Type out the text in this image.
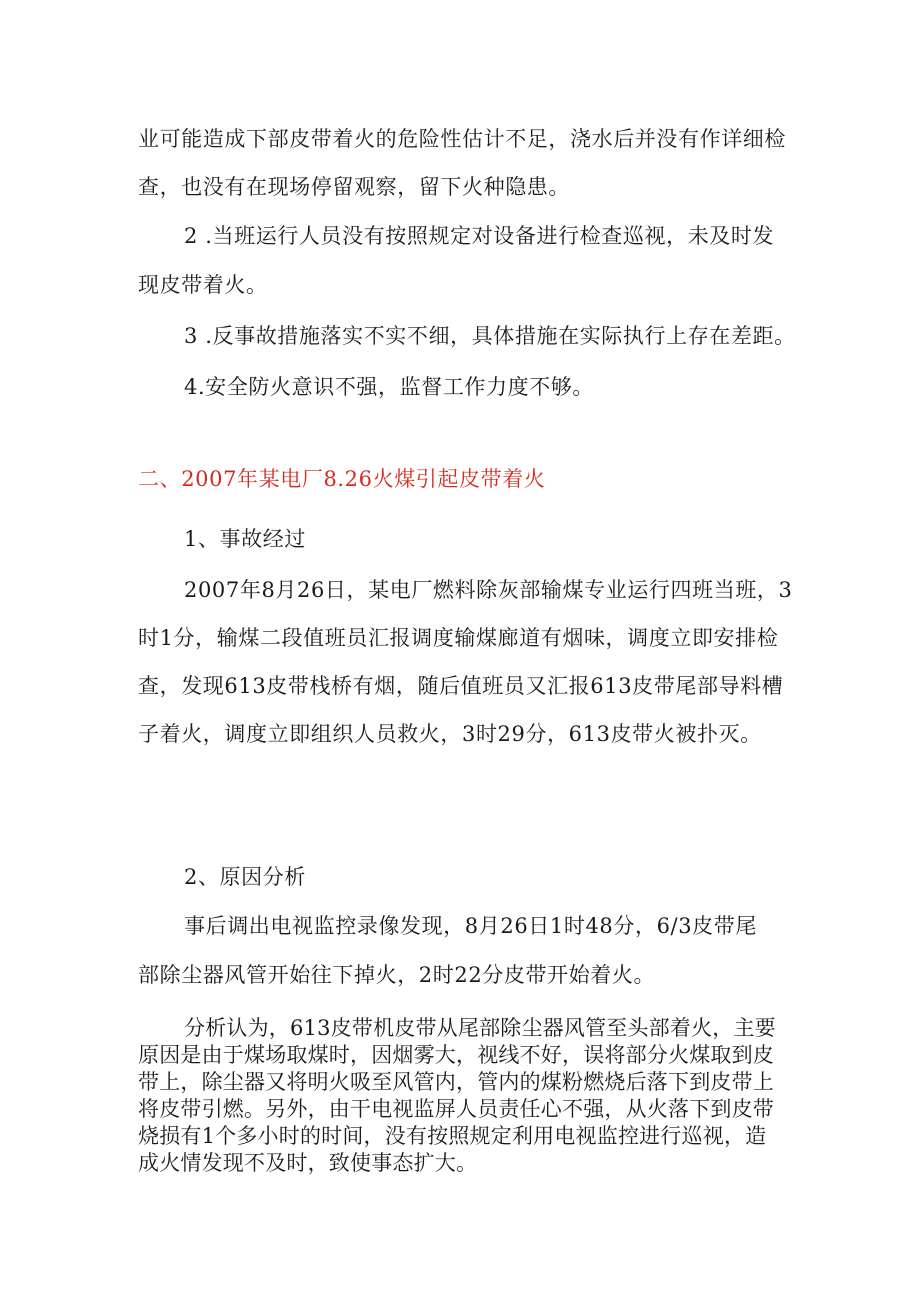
业可能造成下部皮带着火的危险性估计不足，浇水后并没有作详细检
查，也没有在现场停留观察，留下火种隐患。
2 .当班运行人员没有按照规定对设备进行检查巡视，未及时发
现皮带着火。
3 .反事故措施落实不实不细，具体措施在实际执行上存在差距。
4.安全防火意识不强，监督工作力度不够。
二、2007年某电厂8.26火煤引起皮带着火
1、事故经过
2007年8月26日，某电厂燃料除灰部输煤专业运行四班当班，3
时1分，输煤二段值班员汇报调度输煤廊道有烟味，调度立即安排检
查，发现613皮带栈桥有烟，随后值班员又汇报613皮带尾部导料槽
子着火，调度立即组织人员救火，3时29分，613皮带火被扑灭。
2、原因分析
事后调出电视监控录像发现，8月26日1时48分，6/3皮带尾
部除尘器风管开始往下掉火，2时22分皮带开始着火。
分析认为，613皮带机皮带从尾部除尘器风管至头部着火，主要
原因是由于煤场取煤时，因烟雾大，视线不好，误将部分火煤取到皮
带上，除尘器又将明火吸至风管内，管内的煤粉燃烧后落下到皮带上
将皮带引燃。另外，由干电视监屏人员责任心不强，从火落下到皮带
烧损有1个多小时的时间，没有按照规定利用电视监控进行巡视，造
成火情发现不及时，致使事态扩大。
